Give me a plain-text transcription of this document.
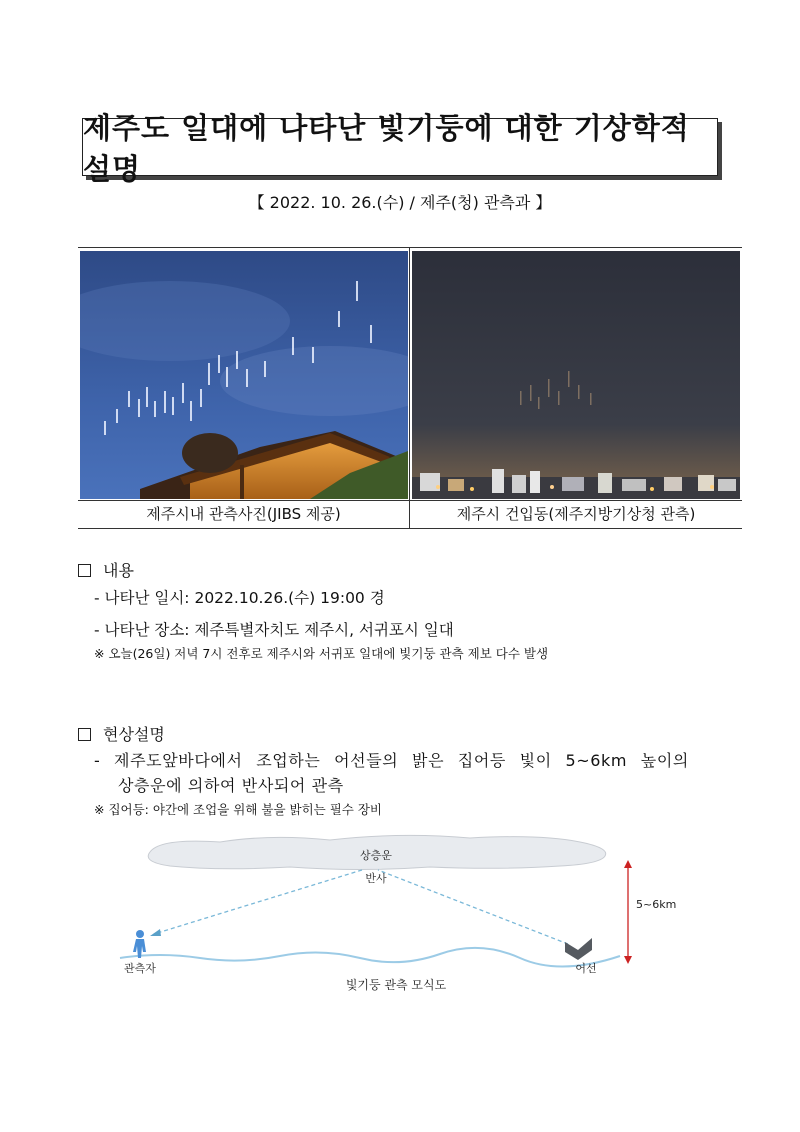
제주도 일대에 나타난 빛기둥에 대한 기상학적 설명
【 2022. 10. 26.(수) / 제주(청) 관측과 】
제주시내 관측사진(JIBS 제공)	제주시 건입동(제주지방기상청 관측)
내용
- 나타난 일시: 2022.10.26.(수) 19:00 경
- 나타난 장소: 제주특별자치도 제주시, 서귀포시 일대
※ 오늘(26일) 저녁 7시 전후로 제주시와 서귀포 일대에 빛기둥 관측 제보 다수 발생
현상설명
- 제주도앞바다에서 조업하는 어선들의 밝은 집어등 빛이 5~6km 높이의
상층운에 의하여 반사되어 관측
※ 집어등: 야간에 조업을 위해 불을 밝히는 필수 장비
상층운
반사
5~6km
관측자	어선
빛기둥 관측 모식도
